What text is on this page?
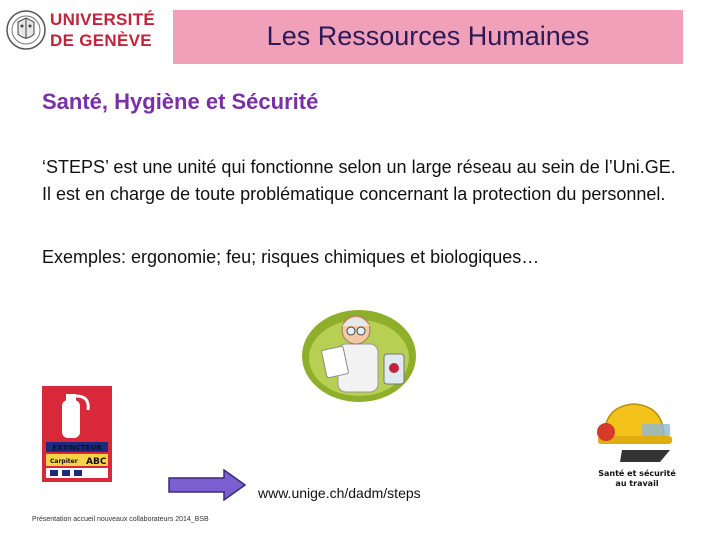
UNIVERSITÉ
DE GENÈVE	Les Ressources Humaines
Santé, Hygiène et Sécurité
‘STEPS’ est une unité qui fonctionne selon un large réseau au sein de l’Uni.GE. Il est en charge de toute problématique concernant la protection du personnel.
Exemples: ergonomie; feu; risques chimiques et biologiques…
EXTINCTEUR
Carpiter ABC
Santé et sécurité
au travail
www.unige.ch/dadm/steps
Présentation accueil nouveaux collaborateurs 2014_BSB
